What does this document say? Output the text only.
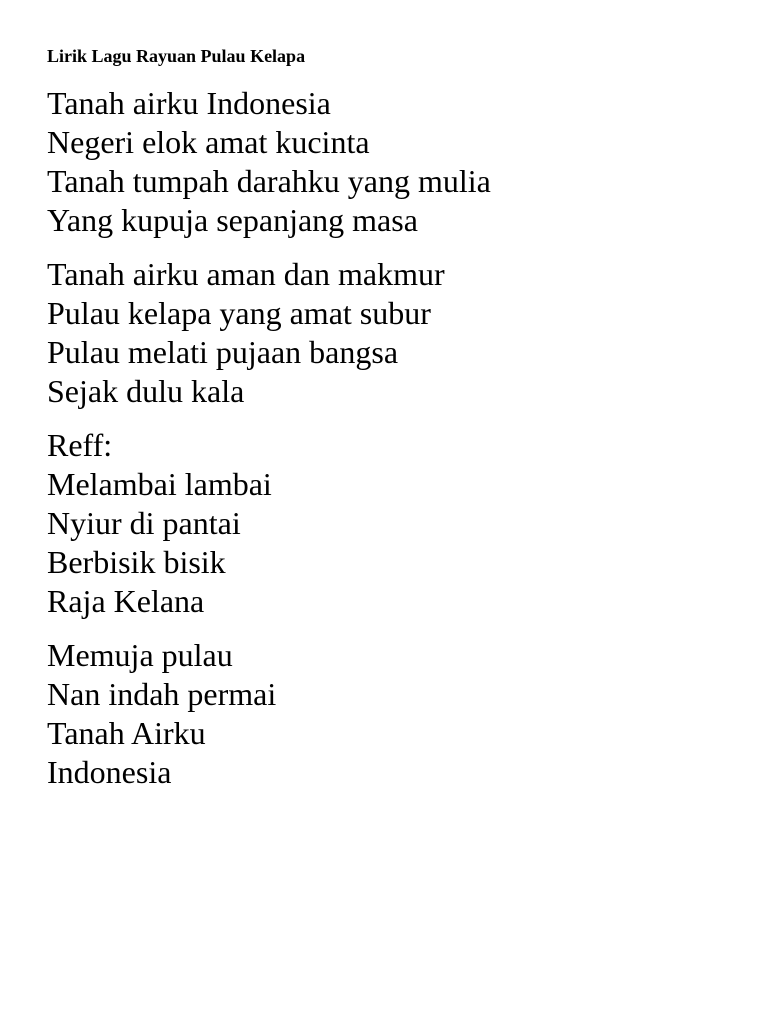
Lirik Lagu Rayuan Pulau Kelapa
Tanah airku Indonesia
Negeri elok amat kucinta
Tanah tumpah darahku yang mulia
Yang kupuja sepanjang masa
Tanah airku aman dan makmur
Pulau kelapa yang amat subur
Pulau melati pujaan bangsa
Sejak dulu kala
Reff:
Melambai lambai
Nyiur di pantai
Berbisik bisik
Raja Kelana
Memuja pulau
Nan indah permai
Tanah Airku
Indonesia
